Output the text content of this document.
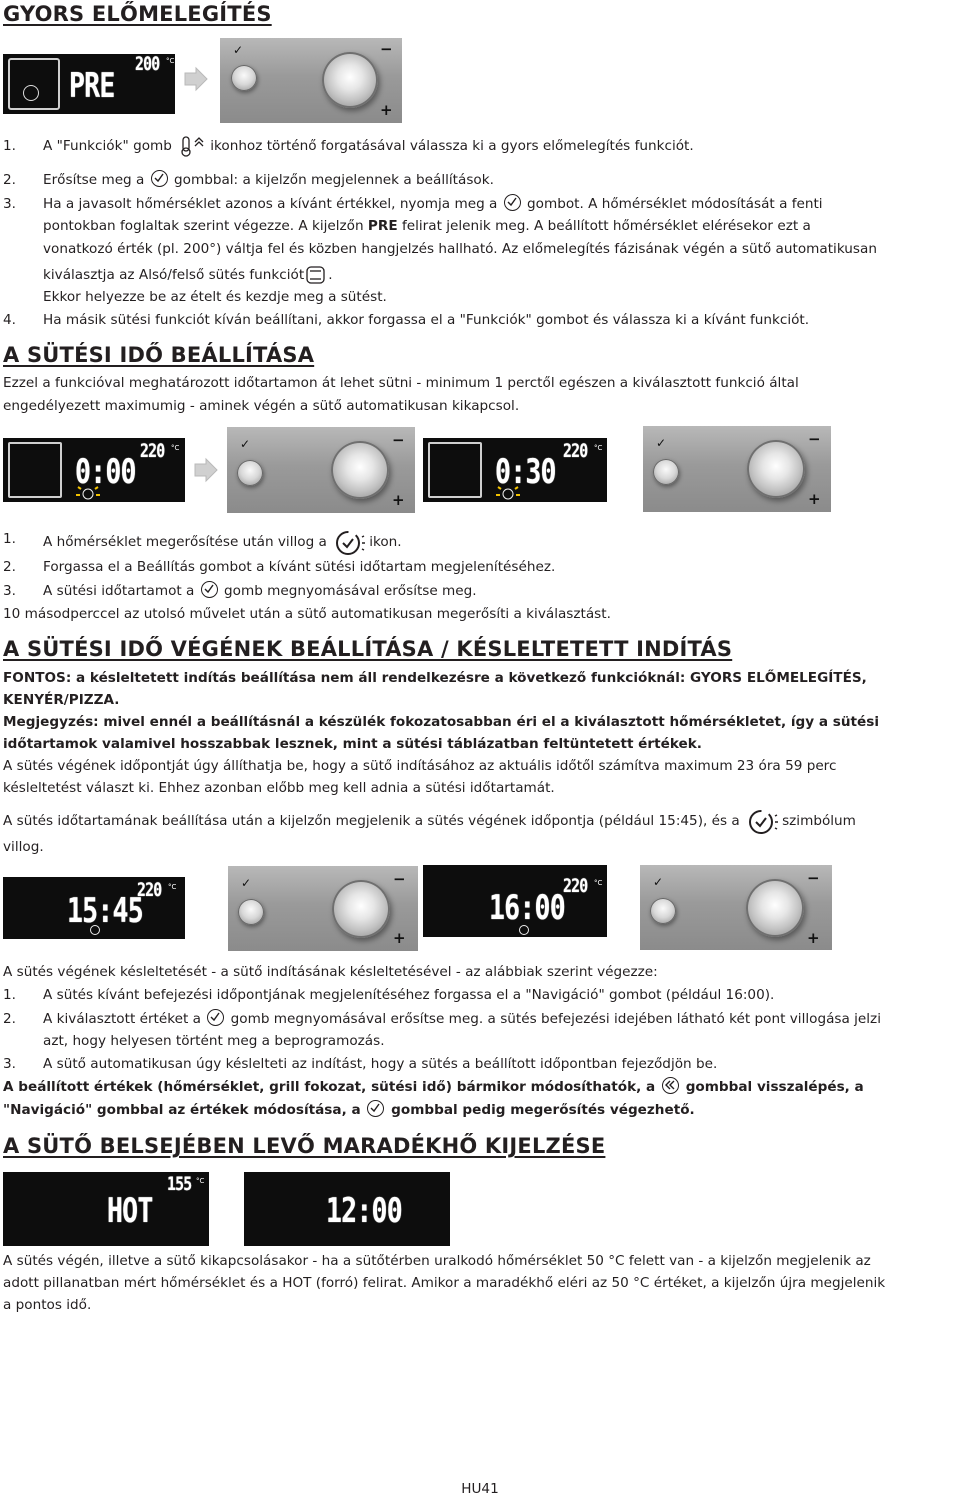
GYORS ELŐMELEGÍTÉS
PRE
200 °C
✓	−
+
1. A "Funkciók" gomb	ikonhoz történő forgatásával válassza ki a gyors előmelegítés funkciót.
2. Erősítse meg a gombbal: a kijelzőn megjelennek a beállítások.
3. Ha a javasolt hőmérséklet azonos a kívánt értékkel, nyomja meg a gombot. A hőmérséklet módosítását a fenti
pontokban foglaltak szerint végezze. A kijelzőn PRE felirat jelenik meg. A beállított hőmérséklet elérésekor ezt a
vonatkozó érték (pl. 200°) váltja fel és közben hangjelzés hallható. Az előmelegítés fázisának végén a sütő automatikusan
kiválasztja az Alsó/felső sütés funkciót .
Ekkor helyezze be az ételt és kezdje meg a sütést.
4. Ha másik sütési funkciót kíván beállítani, akkor forgassa el a "Funkciók" gombot és válassza ki a kívánt funkciót.
A SÜTÉSI IDŐ BEÁLLÍTÁSA

Ezzel a funkcióval meghatározott időtartamon át lehet sütni - minimum 1 perctől egészen a kiválasztott funkció által

engedélyezett maximumig - aminek végén a sütő automatikusan kikapcsol.

0:00
220 °C	✓	−
+
0:30
220 °C	✓	−
+
1. A hőmérséklet megerősítése után villog a	ikon.
2. Forgassa el a Beállítás gombot a kívánt sütési időtartam megjelenítéséhez.
3. A sütési időtartamot a gomb megnyomásával erősítse meg.

10 másodperccel az utolsó művelet után a sütő automatikusan megerősíti a kiválasztást.

A SÜTÉSI IDŐ VÉGÉNEK BEÁLLÍTÁSA / KÉSLELTETETT INDÍTÁS

FONTOS: a késleltetett indítás beállítása nem áll rendelkezésre a következő funkcióknál: GYORS ELŐMELEGÍTÉS,

KENYÉR/PIZZA.

Megjegyzés: mivel ennél a beállításnál a készülék fokozatosabban éri el a kiválasztott hőmérsékletet, így a sütési

időtartamok valamivel hosszabbak lesznek, mint a sütési táblázatban feltüntetett értékek.

A sütés végének időpontját úgy állíthatja be, hogy a sütő indításához az aktuális időtől számítva maximum 23 óra 59 perc

késleltetést választ ki. Ehhez azonban előbb meg kell adnia a sütési időtartamát.

A sütés időtartamának beállítása után a kijelzőn megjelenik a sütés végének időpontja (például 15:45), és a	szimbólum

villog.

15:45
220 °C	✓	−
+
16:00
220 °C	✓	−
+

A sütés végének késleltetését - a sütő indításának késleltetésével - az alábbiak szerint végezze:

1. A sütés kívánt befejezési időpontjának megjelenítéséhez forgassa el a "Navigáció" gombot (például 16:00).
2. A kiválasztott értéket a gomb megnyomásával erősítse meg. a sütés befejezési idejében látható két pont villogása jelzi
azt, hogy helyesen történt meg a beprogramozás.
3. A sütő automatikusan úgy késlelteti az indítást, hogy a sütés a beállított időpontban fejeződjön be.

A beállított értékek (hőmérséklet, grill fokozat, sütési idő) bármikor módosíthatók, a gombbal visszalépés, a

"Navigáció" gombbal az értékek módosítása, a gombbal pedig megerősítés végezhető.

A SÜTŐ BELSEJÉBEN LEVŐ MARADÉKHŐ KIJELZÉSE
HOT
155 °C
12:00

A sütés végén, illetve a sütő kikapcsolásakor - ha a sütőtérben uralkodó hőmérséklet 50 °C felett van - a kijelzőn megjelenik az

adott pillanatban mért hőmérséklet és a HOT (forró) felirat. Amikor a maradékhő eléri az 50 °C értéket, a kijelzőn újra megjelenik

a pontos idő.

HU41
